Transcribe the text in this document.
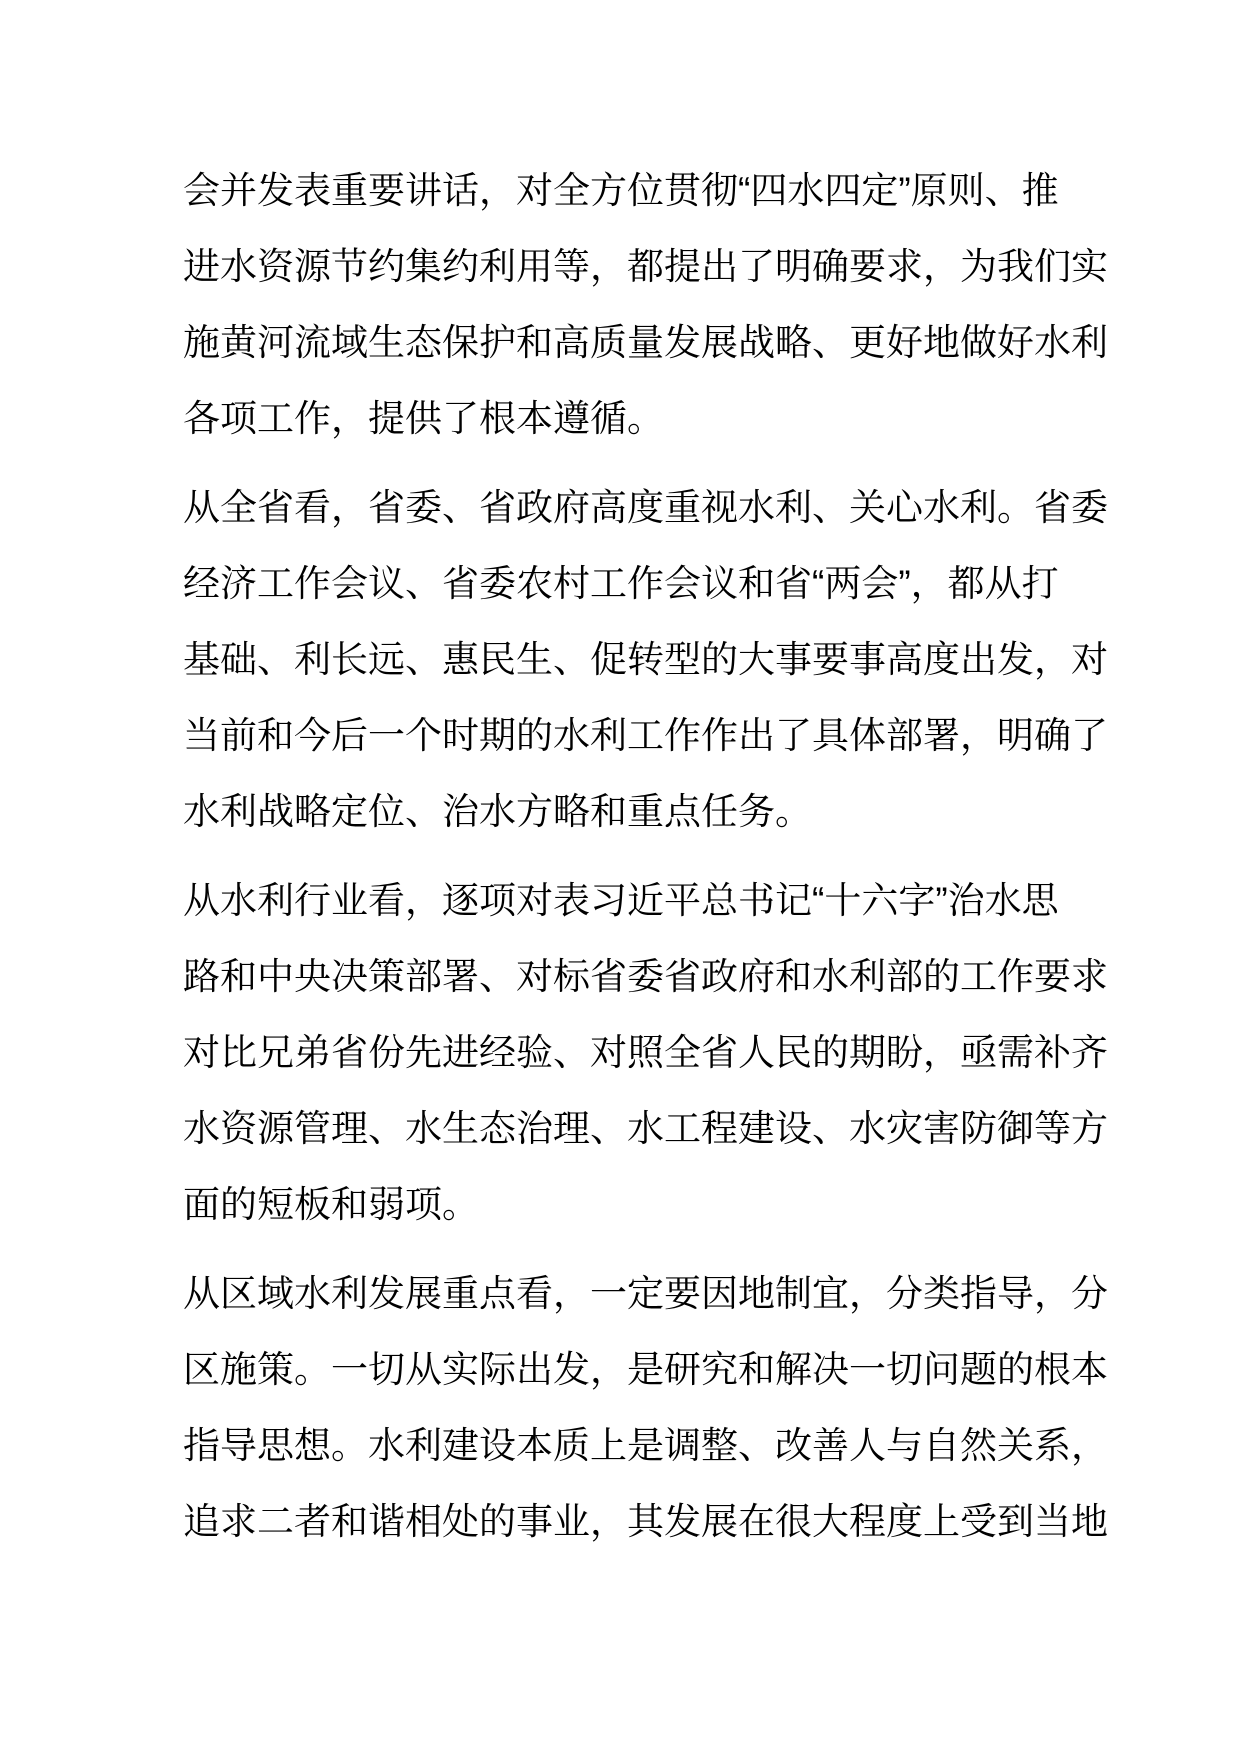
会并发表重要讲话，对全方位贯彻“四水四定”原则、推
进水资源节约集约利用等，都提出了明确要求，为我们实
施黄河流域生态保护和高质量发展战略、更好地做好水利
各项工作，提供了根本遵循。
从全省看，省委、省政府高度重视水利、关心水利。省委
经济工作会议、省委农村工作会议和省“两会”，都从打
基础、利长远、惠民生、促转型的大事要事高度出发，对
当前和今后一个时期的水利工作作出了具体部署，明确了
水利战略定位、治水方略和重点任务。
从水利行业看，逐项对表习近平总书记“十六字”治水思
路和中央决策部署、对标省委省政府和水利部的工作要求
对比兄弟省份先进经验、对照全省人民的期盼，亟需补齐
水资源管理、水生态治理、水工程建设、水灾害防御等方
面的短板和弱项。
从区域水利发展重点看，一定要因地制宜，分类指导，分
区施策。一切从实际出发，是研究和解决一切问题的根本
指导思想。水利建设本质上是调整、改善人与自然关系，
追求二者和谐相处的事业，其发展在很大程度上受到当地
